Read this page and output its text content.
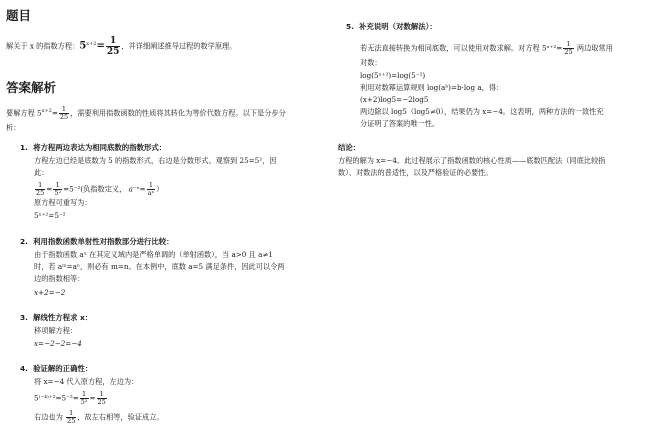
题目
解关于 x 的指数方程：$5^{x+2}= \frac{1}{25}$ ，并详细阐述推导过程的数学原理。
答案解析
要解方程 $5^{x+2}= \frac{1}{25}$ ，需要利用指数函数的性质将其转化为等价代数方程。以下是分步分
析：
1. 将方程两边表达为相同底数的指数形式：
方程左边已经是底数为 5 的指数形式，右边是分数形式。观察到 25=5²，因
此：
$\frac{1}{25} = \frac{1}{\text{5²}} =5^{-2}$(负指数定义， $a^{-n}= \frac{1}{\text{aⁿ}}$ ）
原方程可重写为：
5ˣ⁺²=5⁻²
2. 利用指数函数单射性对指数部分进行比较：
由于指数函数 aˣ 在其定义域内是严格单调的（单射函数），当 a>0 且 a≠1
时，若 aᵐ=aⁿ，则必有 m=n。在本例中，底数 a=5 满足条件，因此可以令两
边的指数相等：
x+2=−2
3. 解线性方程求 x：
移项解方程：
x=−2−2=−4
4. 验证解的正确性：
将 x=−4 代入原方程，左边为：
$5^{(-4)+2}=5^{-2}= \frac{1}{\text{5²}} = \frac{1}{25}$
右边也为 $\frac{1}{25}$ ，故左右相等，验证成立。
5. 补充说明（对数解法）：
若无法直接转换为相同底数，可以使用对数求解。对方程 5ˣ⁺²= $\frac{1}{25}$ 两边取常用
对数：
log(5ˣ⁺²)=log(5⁻²)
利用对数幂运算规则 log(aᵇ)=b·log a，得：
(x+2)log5=−2log5
两边除以 log5（log5≠0），结果仍为 x=−4。这表明，两种方法的一致性充
分证明了答案的唯一性。
结论：
方程的解为 x=−4。此过程展示了指数函数的核心性质——底数匹配法（同底比较指
数）、对数法的普适性，以及严格验证的必要性。
